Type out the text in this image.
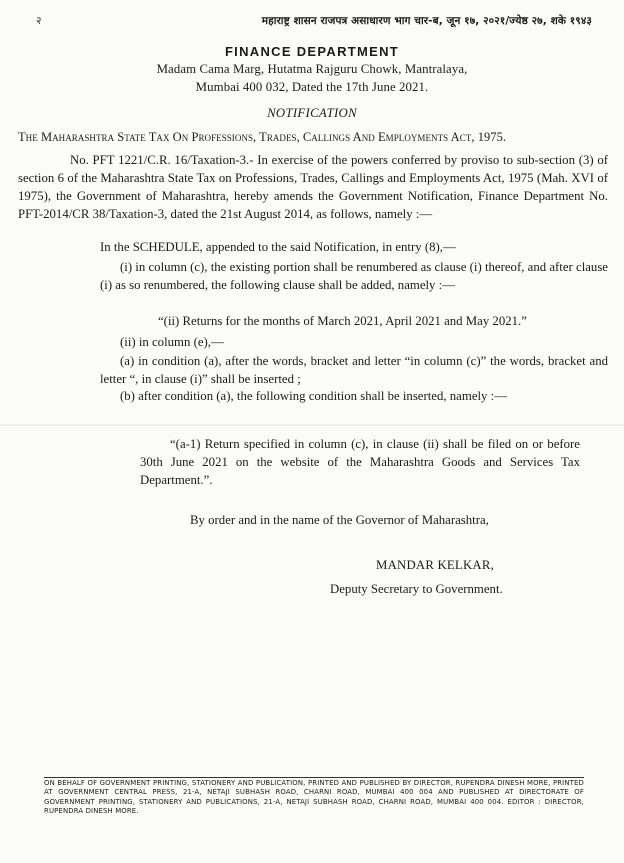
२	महाराष्ट्र शासन राजपत्र असाधारण भाग चार-ब, जून १७, २०२१/ज्येष्ठ २७, शके १९४३
FINANCE DEPARTMENT
Madam Cama Marg, Hutatma Rajguru Chowk, Mantralaya,
Mumbai 400 032, Dated the 17th June 2021.
NOTIFICATION
The Maharashtra State Tax On Professions, Trades, Callings And Employments Act, 1975.
No. PFT 1221/C.R. 16/Taxation-3.- In exercise of the powers conferred by proviso to sub-section (3) of section 6 of the Maharashtra State Tax on Professions, Trades, Callings and Employments Act, 1975 (Mah. XVI of 1975), the Government of Maharashtra, hereby amends the Government Notification, Finance Department No. PFT-2014/CR 38/Taxation-3, dated the 21st August 2014, as follows, namely :—
In the SCHEDULE, appended to the said Notification, in entry (8),—
(i) in column (c), the existing portion shall be renumbered as clause (i) thereof, and after clause (i) as so renumbered, the following clause shall be added, namely :—
“(ii) Returns for the months of March 2021, April 2021 and May 2021.”
(ii) in column (e),—
(a) in condition (a), after the words, bracket and letter “in column (c)” the words, bracket and letter “, in clause (i)” shall be inserted ;
(b) after condition (a), the following condition shall be inserted, namely :—
“(a-1) Return specified in column (c), in clause (ii) shall be filed on or before 30th June 2021 on the website of the Maharashtra Goods and Services Tax Department.”.
By order and in the name of the Governor of Maharashtra,
MANDAR KELKAR,
Deputy Secretary to Government.
ON BEHALF OF GOVERNMENT PRINTING, STATIONERY AND PUBLICATION, PRINTED AND PUBLISHED BY DIRECTOR, RUPENDRA DINESH MORE, PRINTED AT GOVERNMENT CENTRAL PRESS, 21-A, NETAJI SUBHASH ROAD, CHARNI ROAD, MUMBAI 400 004 AND PUBLISHED AT DIRECTORATE OF GOVERNMENT PRINTING, STATIONERY AND PUBLICATIONS, 21-A, NETAJI SUBHASH ROAD, CHARNI ROAD, MUMBAI 400 004. EDITOR : DIRECTOR, RUPENDRA DINESH MORE.
